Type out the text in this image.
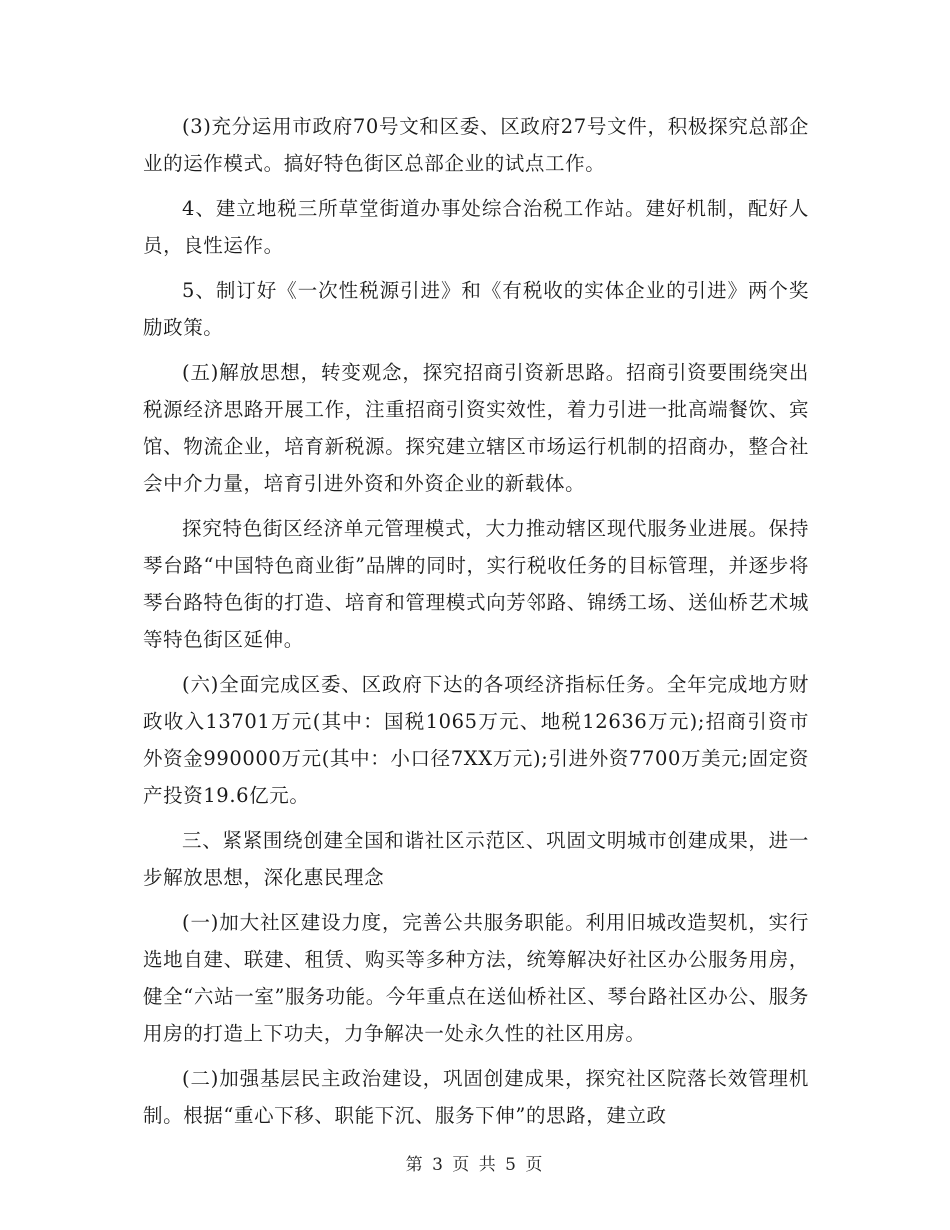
(3)充分运用市政府70号文和区委、区政府27号文件，积极探究总部企业的运作模式。搞好特色街区总部企业的试点工作。

4、建立地税三所草堂街道办事处综合治税工作站。建好机制，配好人员，良性运作。

5、制订好《一次性税源引进》和《有税收的实体企业的引进》两个奖励政策。

(五)解放思想，转变观念，探究招商引资新思路。招商引资要围绕突出税源经济思路开展工作，注重招商引资实效性，着力引进一批高端餐饮、宾馆、物流企业，培育新税源。探究建立辖区市场运行机制的招商办，整合社会中介力量，培育引进外资和外资企业的新载体。

探究特色街区经济单元管理模式，大力推动辖区现代服务业进展。保持琴台路“中国特色商业街”品牌的同时，实行税收任务的目标管理，并逐步将琴台路特色街的打造、培育和管理模式向芳邻路、锦绣工场、送仙桥艺术城等特色街区延伸。

(六)全面完成区委、区政府下达的各项经济指标任务。全年完成地方财政收入13701万元(其中：国税1065万元、地税12636万元);招商引资市外资金990000万元(其中：小口径7XX万元);引进外资7700万美元;固定资产投资19.6亿元。

三、紧紧围绕创建全国和谐社区示范区、巩固文明城市创建成果，进一步解放思想，深化惠民理念

(一)加大社区建设力度，完善公共服务职能。利用旧城改造契机，实行选地自建、联建、租赁、购买等多种方法，统筹解决好社区办公服务用房，健全“六站一室”服务功能。今年重点在送仙桥社区、琴台路社区办公、服务用房的打造上下功夫，力争解决一处永久性的社区用房。

(二)加强基层民主政治建设，巩固创建成果，探究社区院落长效管理机制。根据“重心下移、职能下沉、服务下伸”的思路，建立政

第 3 页 共 5 页
